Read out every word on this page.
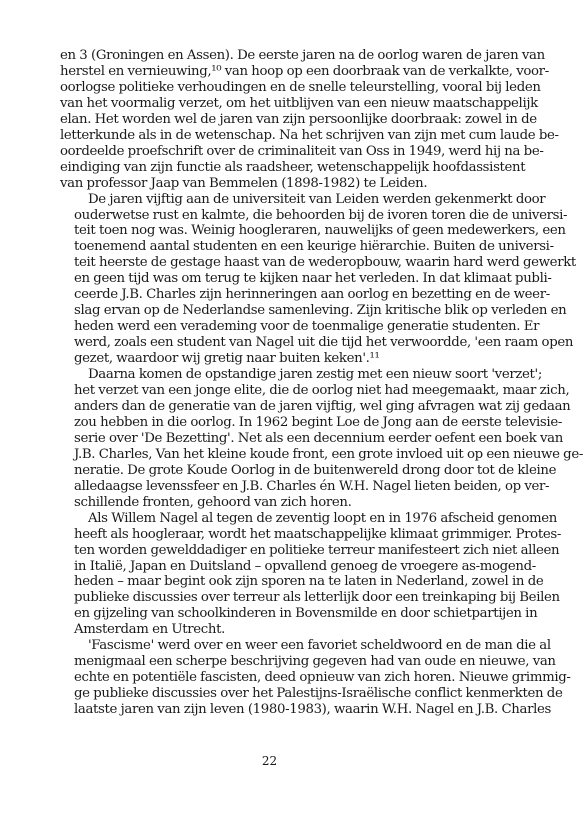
en 3 (Groningen en Assen). De eerste jaren na de oorlog waren de jaren van
herstel en vernieuwing,¹⁰ van hoop op een doorbraak van de verkalkte, voor-
oorlogse politieke verhoudingen en de snelle teleurstelling, vooral bij leden
van het voormalig verzet, om het uitblijven van een nieuw maatschappelijk
elan. Het worden wel de jaren van zijn persoonlijke doorbraak: zowel in de
letterkunde als in de wetenschap. Na het schrijven van zijn met cum laude be-
oordeelde proefschrift over de criminaliteit van Oss in 1949, werd hij na be-
eindiging van zijn functie als raadsheer, wetenschappelijk hoofdassistent
van professor Jaap van Bemmelen (1898-1982) te Leiden.
De jaren vijftig aan de universiteit van Leiden werden gekenmerkt door
ouderwetse rust en kalmte, die behoorden bij de ivoren toren die de universi-
teit toen nog was. Weinig hoogleraren, nauwelijks of geen medewerkers, een
toenemend aantal studenten en een keurige hiërarchie. Buiten de universi-
teit heerste de gestage haast van de wederopbouw, waarin hard werd gewerkt
en geen tijd was om terug te kijken naar het verleden. In dat klimaat publi-
ceerde J.B. Charles zijn herinneringen aan oorlog en bezetting en de weer-
slag ervan op de Nederlandse samenleving. Zijn kritische blik op verleden en
heden werd een verademing voor de toenmalige generatie studenten. Er
werd, zoals een student van Nagel uit die tijd het verwoordde, 'een raam open
gezet, waardoor wij gretig naar buiten keken'.¹¹
Daarna komen de opstandige jaren zestig met een nieuw soort 'verzet';
het verzet van een jonge elite, die de oorlog niet had meegemaakt, maar zich,
anders dan de generatie van de jaren vijftig, wel ging afvragen wat zij gedaan
zou hebben in die oorlog. In 1962 begint Loe de Jong aan de eerste televisie-
serie over 'De Bezetting'. Net als een decennium eerder oefent een boek van
J.B. Charles, Van het kleine koude front, een grote invloed uit op een nieuwe ge-
neratie. De grote Koude Oorlog in de buitenwereld drong door tot de kleine
alledaagse levenssfeer en J.B. Charles én W.H. Nagel lieten beiden, op ver-
schillende fronten, gehoord van zich horen.
Als Willem Nagel al tegen de zeventig loopt en in 1976 afscheid genomen
heeft als hoogleraar, wordt het maatschappelijke klimaat grimmiger. Protes-
ten worden gewelddadiger en politieke terreur manifesteert zich niet alleen
in Italië, Japan en Duitsland – opvallend genoeg de vroegere as-mogend-
heden – maar begint ook zijn sporen na te laten in Nederland, zowel in de
publieke discussies over terreur als letterlijk door een treinkaping bij Beilen
en gijzeling van schoolkinderen in Bovensmilde en door schietpartijen in
Amsterdam en Utrecht.
'Fascisme' werd over en weer een favoriet scheldwoord en de man die al
menigmaal een scherpe beschrijving gegeven had van oude en nieuwe, van
echte en potentiële fascisten, deed opnieuw van zich horen. Nieuwe grimmig-
ge publieke discussies over het Palestijns-Israëlische conflict kenmerkten de
laatste jaren van zijn leven (1980-1983), waarin W.H. Nagel en J.B. Charles
22
